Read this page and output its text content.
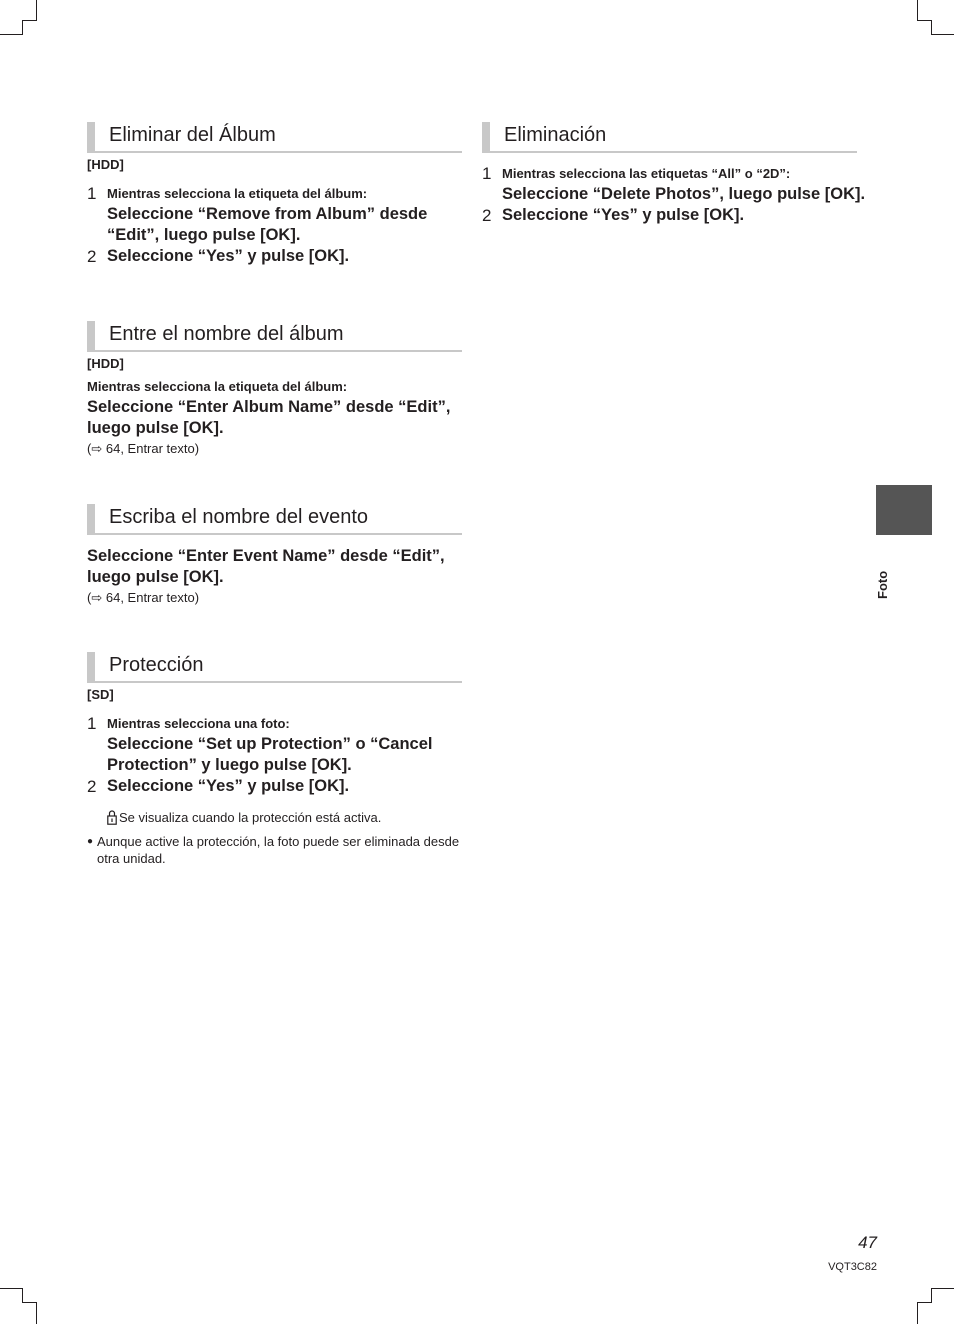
Eliminar del Álbum
[HDD]
1 Mientras selecciona la etiqueta del álbum:
Seleccione “Remove from Album” desde “Edit”, luego pulse [OK].
2 Seleccione “Yes” y pulse [OK].
Entre el nombre del álbum
[HDD]
Mientras selecciona la etiqueta del álbum:
Seleccione “Enter Album Name” desde “Edit”, luego pulse [OK].
(⇨ 64, Entrar texto)
Escriba el nombre del evento
Seleccione “Enter Event Name” desde “Edit”, luego pulse [OK].
(⇨ 64, Entrar texto)
Protección
[SD]
1 Mientras selecciona una foto:
Seleccione “Set up Protection” o “Cancel Protection” y luego pulse [OK].
2 Seleccione “Yes” y pulse [OK].
Se visualiza cuando la protección está activa.
● Aunque active la protección, la foto puede ser eliminada desde otra unidad.
Eliminación
1 Mientras selecciona las etiquetas “All” o “2D”:
Seleccione “Delete Photos”, luego pulse [OK].
2 Seleccione “Yes” y pulse [OK].
Foto
47
VQT3C82
